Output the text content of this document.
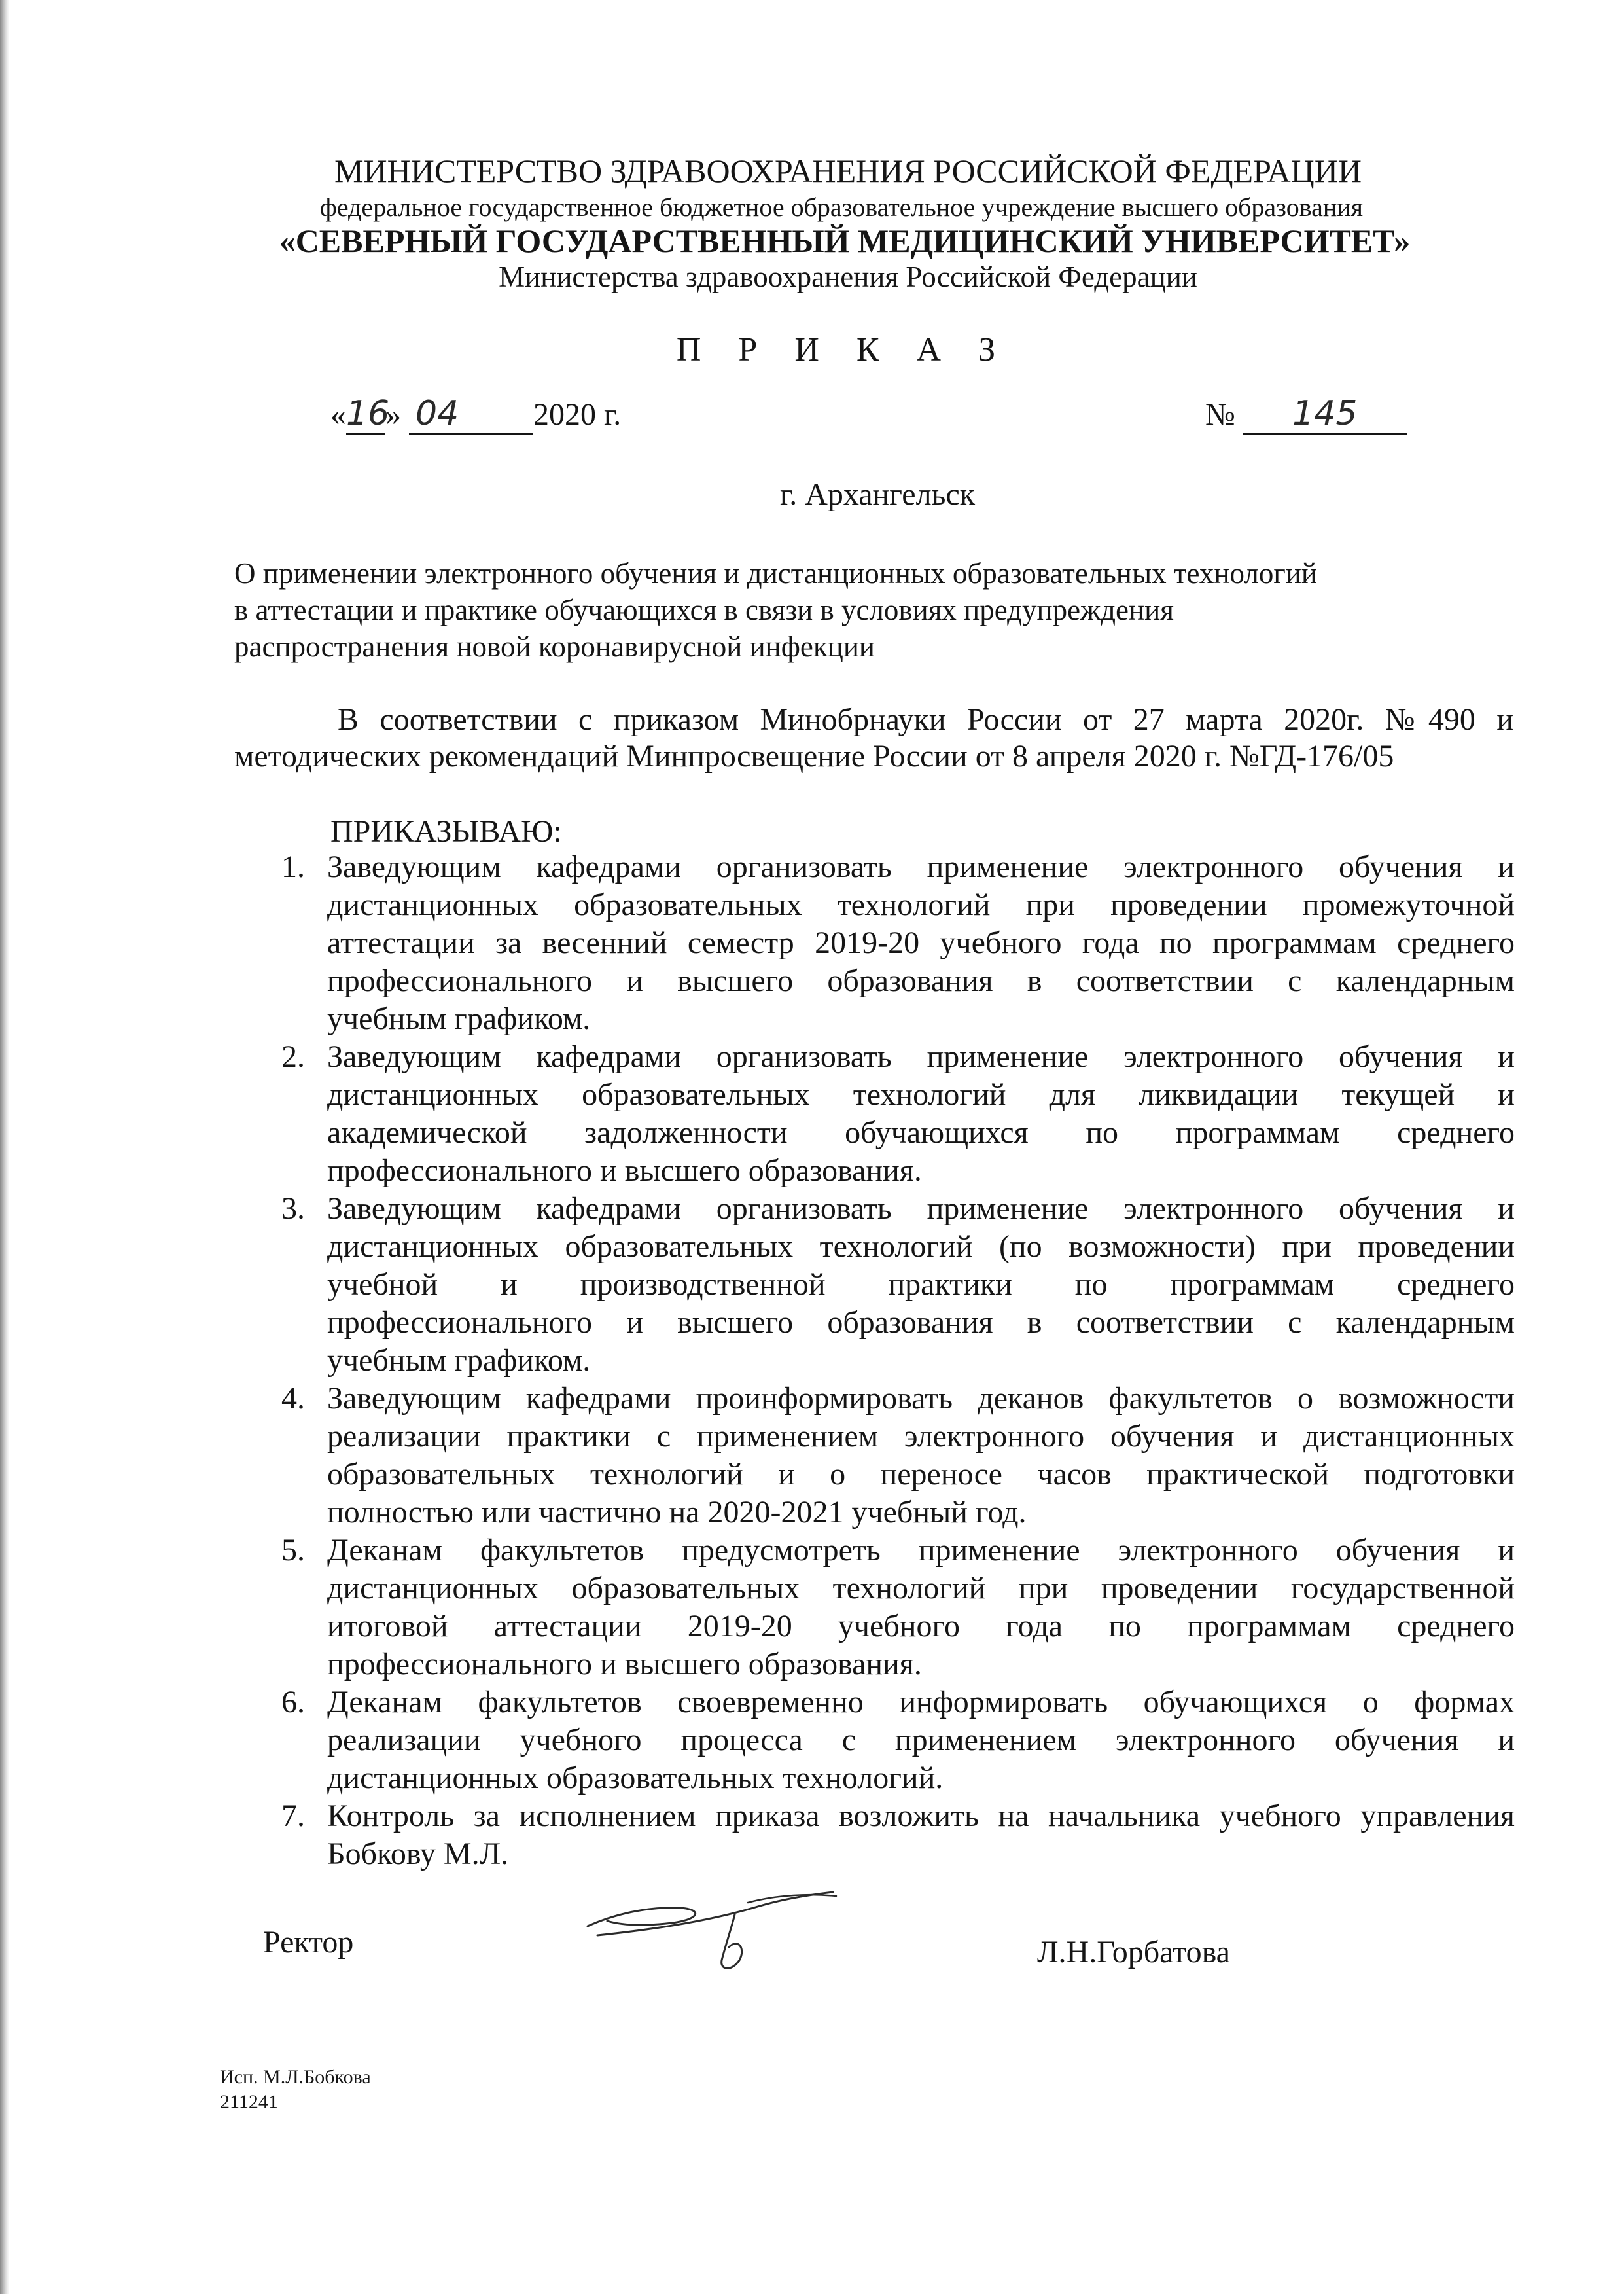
МИНИСТЕРСТВО ЗДРАВООХРАНЕНИЯ РОССИЙСКОЙ ФЕДЕРАЦИИ
федеральное государственное бюджетное образовательное учреждение высшего образования
«СЕВЕРНЫЙ ГОСУДАРСТВЕННЫЙ МЕДИЦИНСКИЙ УНИВЕРСИТЕТ»
Министерства здравоохранения Российской Федерации
П Р И К А З
«16» 04 2020 г.	№ 145
г. Архангельск
О применении электронного обучения и дистанционных образовательных технологий
в аттестации и практике обучающихся в связи в условиях предупреждения
распространения новой коронавирусной инфекции
В соответствии с приказом Минобрнауки России от 27 марта 2020г. №490 и
методических рекомендаций Минпросвещение России от 8 апреля 2020 г. №ГД-176/05
ПРИКАЗЫВАЮ:
1. Заведующим кафедрами организовать применение электронного обучения и
дистанционных образовательных технологий при проведении промежуточной
аттестации за весенний семестр 2019-20 учебного года по программам среднего
профессионального и высшего образования в соответствии с календарным
учебным графиком.
2. Заведующим кафедрами организовать применение электронного обучения и
дистанционных образовательных технологий для ликвидации текущей и
академической задолженности обучающихся по программам среднего
профессионального и высшего образования.
3. Заведующим кафедрами организовать применение электронного обучения и
дистанционных образовательных технологий (по возможности) при проведении
учебной и производственной практики по программам среднего
профессионального и высшего образования в соответствии с календарным
учебным графиком.
4. Заведующим кафедрами проинформировать деканов факультетов о возможности
реализации практики с применением электронного обучения и дистанционных
образовательных технологий и о переносе часов практической подготовки
полностью или частично на 2020-2021 учебный год.
5. Деканам факультетов предусмотреть применение электронного обучения и
дистанционных образовательных технологий при проведении государственной
итоговой аттестации 2019-20 учебного года по программам среднего
профессионального и высшего образования.
6. Деканам факультетов своевременно информировать обучающихся о формах
реализации учебного процесса с применением электронного обучения и
дистанционных образовательных технологий.
7. Контроль за исполнением приказа возложить на начальника учебного управления
Бобкову М.Л.
Ректор	Л.Н.Горбатова
Исп. М.Л.Бобкова
211241
